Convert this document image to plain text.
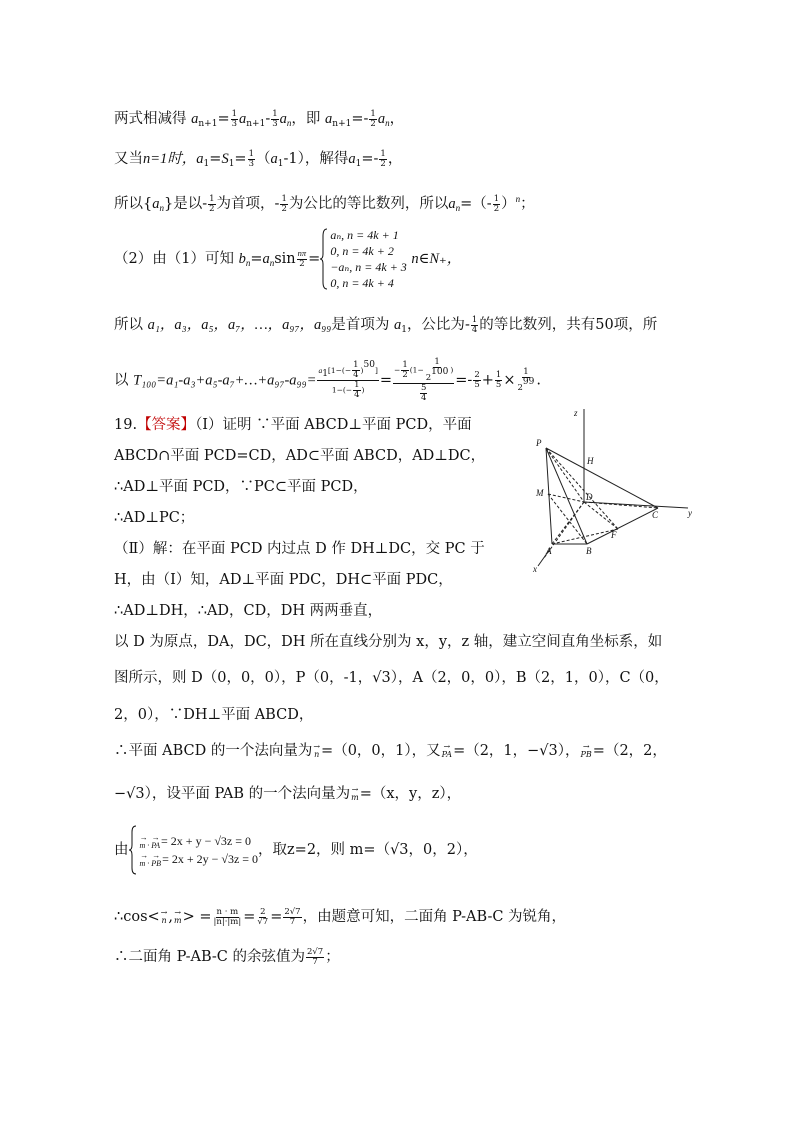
两式相减得 $a_{n+1}= \frac{1}{3} a_{n+1}- \frac{1}{3} a_n$，即 $a_{n+1}=- \frac{1}{2} a_n$，
又当n=1时，$a_1=S_1= \frac{1}{3} (a_1-1)$，解得$a_1=- \frac{1}{2}$ ，
所以$\{a_n\}$是以- $\frac{1}{2}$ 为首项，- $\frac{1}{2}$ 为公比的等比数列，所以$a_n=(- \frac{1}{2} )^n$；
（2）由（1）可知 $b_n=a_n\sin \frac{n\pi}{2}$ =
aₙ, n = 4k + 1
0, n = 4k + 2
−aₙ, n = 4k + 3
0, n = 4k + 4
n∈N₊，
所以 a₁，a₃，a₅，a₇，…，a₉₇，a₉₉是首项为 $a_1$，公比为- $\frac{1}{4}$ 的等比数列，共有50项，所
以 T₁₀₀=a₁-a₃+a₅-a₇+…+a₉₇-a₉₉= $\frac{a_1[1-(- \frac{1}{4} )^{50}]}{1-(- \frac{1}{4} )} = \frac{- \frac{1}{2} (1- \frac{1}{2^{100}} )}{\frac{5}{4}} =- \frac{2}{5} + \frac{1}{5} \times \frac{1}{2^{99}}$ .
19.【答案】（Ⅰ）证明 ∵平面 ABCD⊥平面 PCD，平面
ABCD∩平面 PCD=CD，AD⊂平面 ABCD，AD⊥DC，
∴AD⊥平面 PCD，∵PC⊂平面 PCD，
∴AD⊥PC；
（Ⅱ）解：在平面 PCD 内过点 D 作 DH⊥DC，交 PC 于
H，由（Ⅰ）知，AD⊥平面 PDC，DH⊂平面 PDC，
∴AD⊥DH，∴AD，CD，DH 两两垂直，
以 D 为原点，DA，DC，DH 所在直线分别为 x，y，z 轴，建立空间直角坐标系，如
图所示，则 D（0，0，0），P（0，-1，√3），A（2，0，0），B（2，1，0），C（0，
2，0），∵DH⊥平面 ABCD，
∴平面 ABCD 的一个法向量为 →
n =（0，0，1），又 →
PA =（2，1，−√3）， →
PB =（2，2，
−√3），设平面 PAB 的一个法向量为 →
m =（x，y，z），
由
→  →
m · PA = 2x + y − √3z = 0
→  →
m · PB = 2x + 2y − √3z = 0
，取z=2，则 m=（√3，0，2），
∴cos< →
n , →
m > = $\frac{n \cdot m}{|n|\cdot|m|} = \frac{2}{√7} = \frac{2√7}{7}$ ，由题意可知，二面角 P-AB-C 为锐角，
∴二面角 P-AB-C 的余弦值为 $\frac{2√7}{7}$ ；
z
P
H
M	D
C	y
F
A	B
x
